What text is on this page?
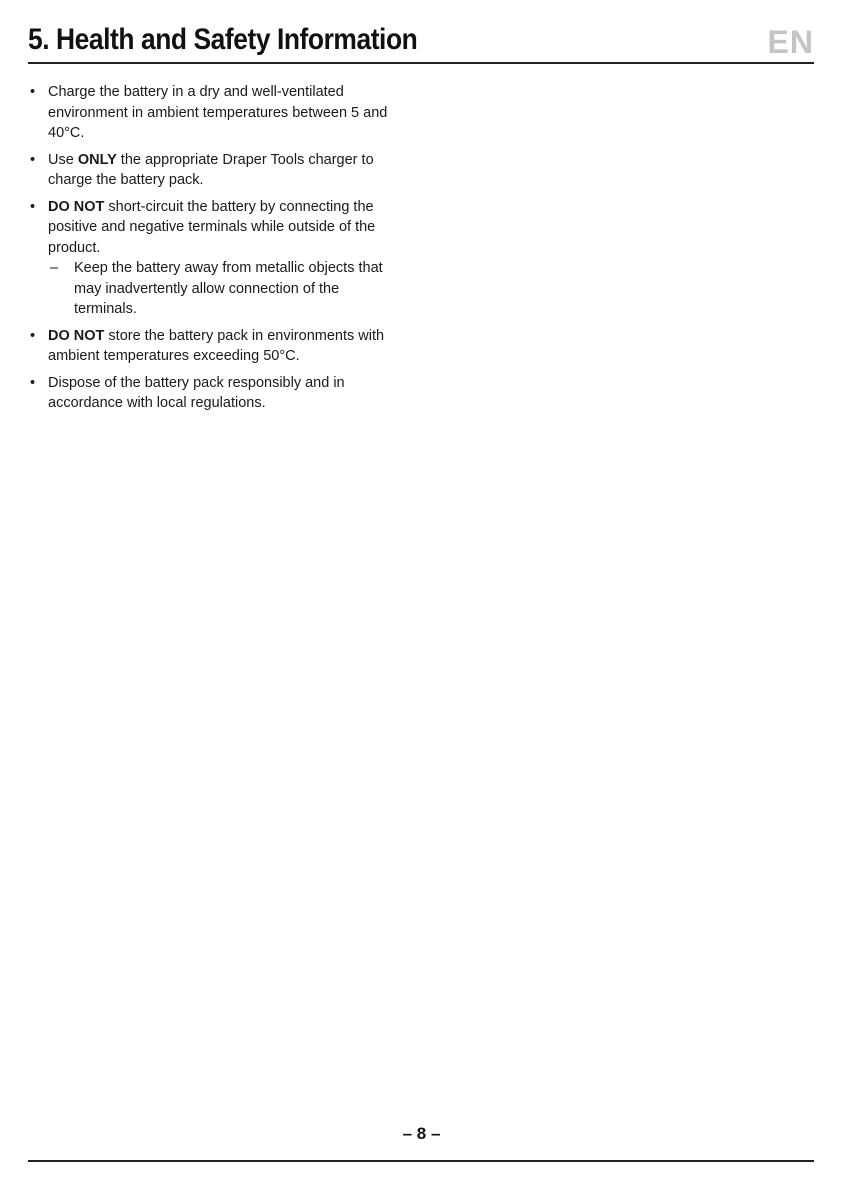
5. Health and Safety Information	EN
• Charge the battery in a dry and well-ventilated environment in ambient temperatures between 5 and 40°C.
• Use ONLY the appropriate Draper Tools charger to charge the battery pack.
• DO NOT short-circuit the battery by connecting the positive and negative terminals while outside of the product.
– Keep the battery away from metallic objects that may inadvertently allow connection of the terminals.
• DO NOT store the battery pack in environments with ambient temperatures exceeding 50°C.
• Dispose of the battery pack responsibly and in accordance with local regulations.
– 8 –
